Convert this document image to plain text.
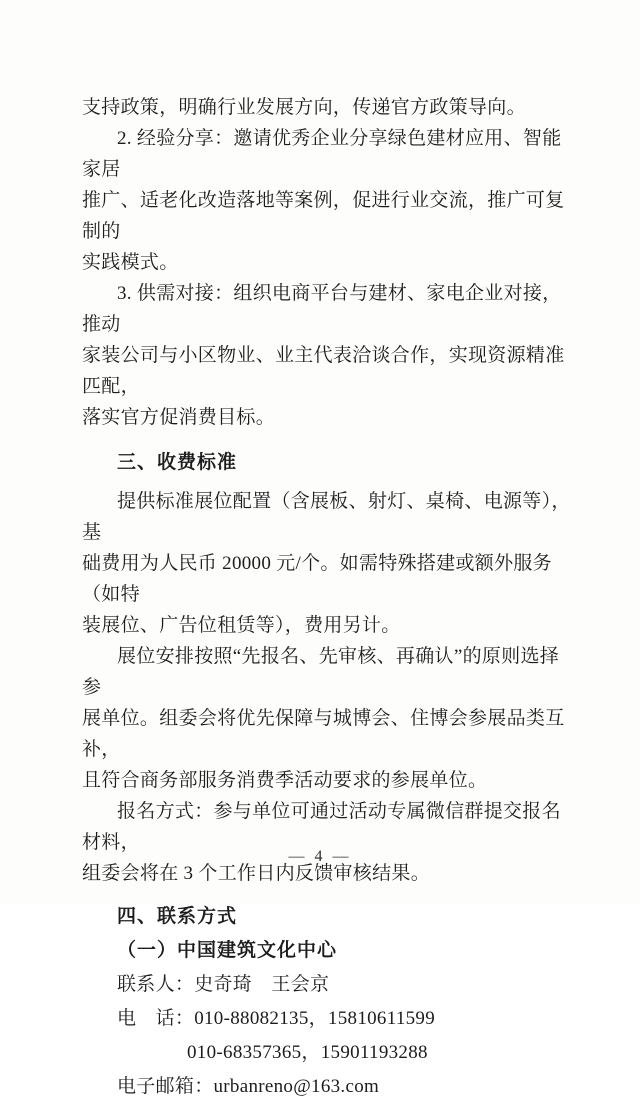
支持政策，明确行业发展方向，传递官方政策导向。
2. 经验分享：邀请优秀企业分享绿色建材应用、智能家居
推广、适老化改造落地等案例，促进行业交流，推广可复制的
实践模式。
3. 供需对接：组织电商平台与建材、家电企业对接，推动
家装公司与小区物业、业主代表洽谈合作，实现资源精准匹配，
落实官方促消费目标。
三、收费标准
提供标准展位配置（含展板、射灯、桌椅、电源等），基
础费用为人民币 20000 元/个。如需特殊搭建或额外服务（如特
装展位、广告位租赁等），费用另计。
展位安排按照“先报名、先审核、再确认”的原则选择参
展单位。组委会将优先保障与城博会、住博会参展品类互补，
且符合商务部服务消费季活动要求的参展单位。
报名方式：参与单位可通过活动专属微信群提交报名材料，
组委会将在 3 个工作日内反馈审核结果。
四、联系方式
（一）中国建筑文化中心
联系人：史奇琦　王会京
电　话：010-88082135，15810611599
010-68357365，15901193288
电子邮箱：urbanreno@163.com
— 4 —
